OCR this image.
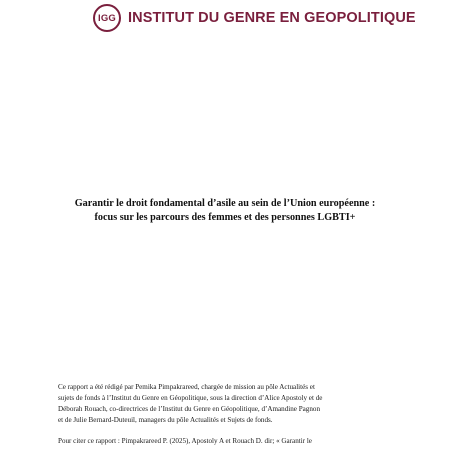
IGG INSTITUT DU GENRE EN GEOPOLITIQUE
Garantir le droit fondamental d’asile au sein de l’Union européenne :
focus sur les parcours des femmes et des personnes LGBTI+
Ce rapport a été rédigé par Pemika Pimpakrareed, chargée de mission au pôle Actualités et
sujets de fonds à l’Institut du Genre en Géopolitique, sous la direction d’Alice Apostoly et de
Déborah Rouach, co-directrices de l’Institut du Genre en Géopolitique, d’Amandine Pagnon
et de Julie Bernard-Duteuil, managers du pôle Actualités et Sujets de fonds.
Pour citer ce rapport : Pimpakrareed P. (2025), Apostoly A et Rouach D. dir; « Garantir le
